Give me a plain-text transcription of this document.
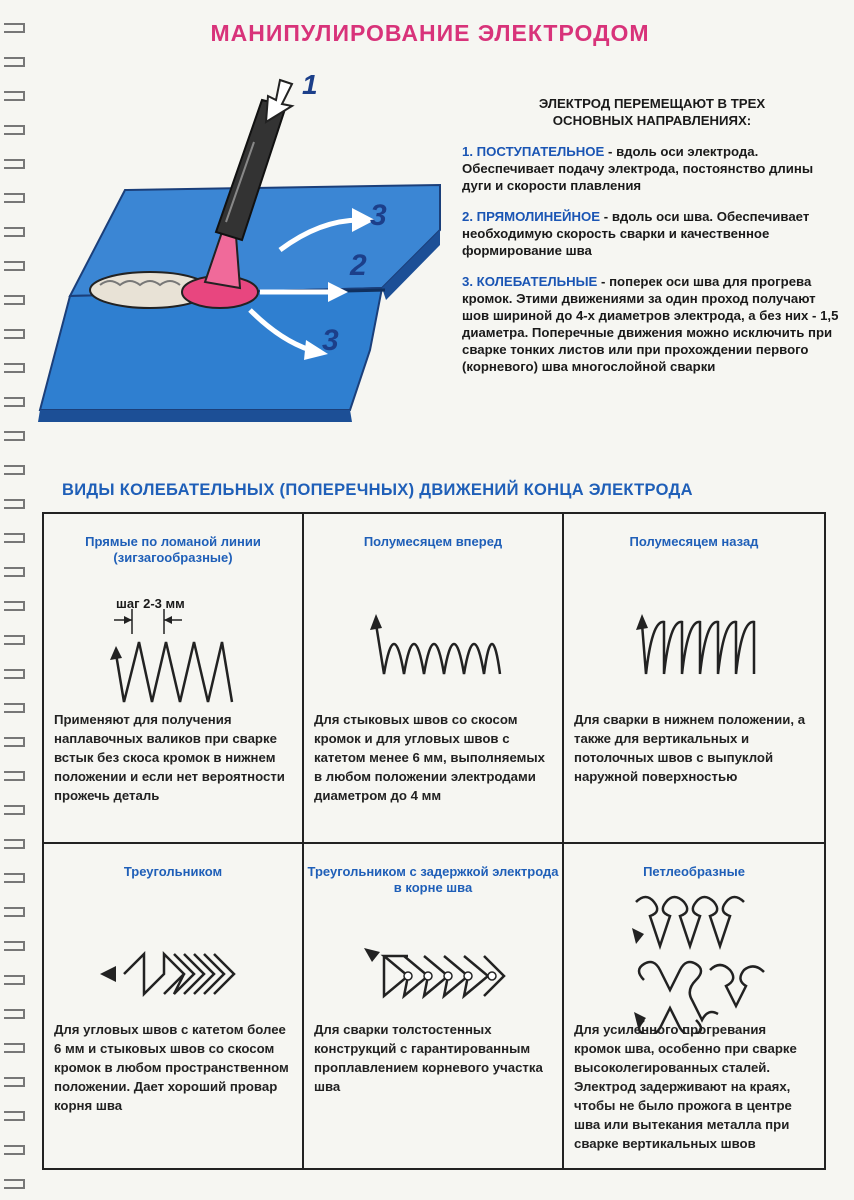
МАНИПУЛИРОВАНИЕ ЭЛЕКТРОДОМ
1
3
2
3
ЭЛЕКТРОД ПЕРЕМЕЩАЮТ В ТРЕХ
ОСНОВНЫХ НАПРАВЛЕНИЯХ:

1. ПОСТУПАТЕЛЬНОЕ - вдоль оси электрода. Обеспечивает подачу электрода, постоянство длины дуги и скорости плавления

2. ПРЯМОЛИНЕЙНОЕ - вдоль оси шва. Обеспечивает необходимую скорость сварки и качественное формирование шва

3. КОЛЕБАТЕЛЬНЫЕ - поперек оси шва для прогрева кромок. Этими движениями за один проход получают шов шириной до 4-х диаметров электрода, а без них - 1,5 диаметра. Поперечные движения можно исключить при сварке тонких листов или при прохождении первого (корневого) шва многослойной сварки

ВИДЫ КОЛЕБАТЕЛЬНЫХ (ПОПЕРЕЧНЫХ) ДВИЖЕНИЙ КОНЦА ЭЛЕКТРОДА
Прямые по ломаной линии (зигзагообразные)
шаг 2-3 мм
Применяют для получения наплавочных валиков при сварке встык без скоса кромок в нижнем положении и если нет вероятности прожечь деталь
Полумесяцем вперед
Для стыковых швов со скосом кромок и для угловых швов с катетом менее 6 мм, выполняемых в любом положении электродами диаметром до 4 мм
Полумесяцем назад
Для сварки в нижнем положении, а также для вертикальных и потолочных швов с выпуклой наружной поверхностью
Треугольником
Для угловых швов с катетом более 6 мм и стыковых швов со скосом кромок в любом пространственном положении. Дает хороший провар корня шва
Треугольником с задержкой электрода в корне шва
Для сварки толстостенных конструкций с гарантированным проплавлением корневого участка шва
Петлеобразные
Для усиленного прогревания кромок шва, особенно при сварке высоколегированных сталей. Электрод задерживают на краях, чтобы не было прожога в центре шва или вытекания металла при сварке вертикальных швов
